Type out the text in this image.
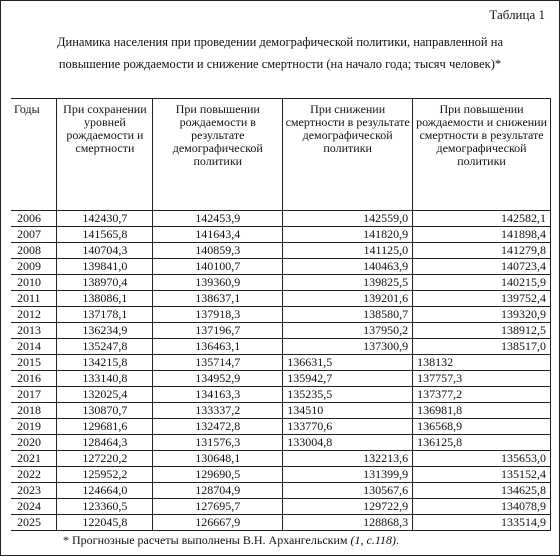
Таблица 1
Динамика населения при проведении демографической политики, направленной на
повышение рождаемости и снижение смертности (на начало года; тысяч человек)*
Годы	При сохранении уровней рождаемости и смертности	При повышении рождаемости в результате демографической политики	При снижении смертности в результате демографической политики	При повышении рождаемости и снижении смертности в результате демографической политики
2006	142430,7	142453,9	142559,0	142582,1
2007	141565,8	141643,4	141820,9	141898,4
2008	140704,3	140859,3	141125,0	141279,8
2009	139841,0	140100,7	140463,9	140723,4
2010	138970,4	139360,9	139825,5	140215,9
2011	138086,1	138637,1	139201,6	139752,4
2012	137178,1	137918,3	138580,7	139320,9
2013	136234,9	137196,7	137950,2	138912,5
2014	135247,8	136463,1	137300,9	138517,0
2015	134215,8	135714,7	136631,5	138132
2016	133140,8	134952,9	135942,7	137757,3
2017	132025,4	134163,3	135235,5	137377,2
2018	130870,7	133337,2	134510	136981,8
2019	129681,6	132472,8	133770,6	136568,9
2020	128464,3	131576,3	133004,8	136125,8
2021	127220,2	130648,1	132213,6	135653,0
2022	125952,2	129690,5	131399,9	135152,4
2023	124664,0	128704,9	130567,6	134625,8
2024	123360,5	127695,7	129722,9	134078,9
2025	122045,8	126667,9	128868,3	133514,9
* Прогнозные расчеты выполнены В.Н. Архангельским (1, с.118).
